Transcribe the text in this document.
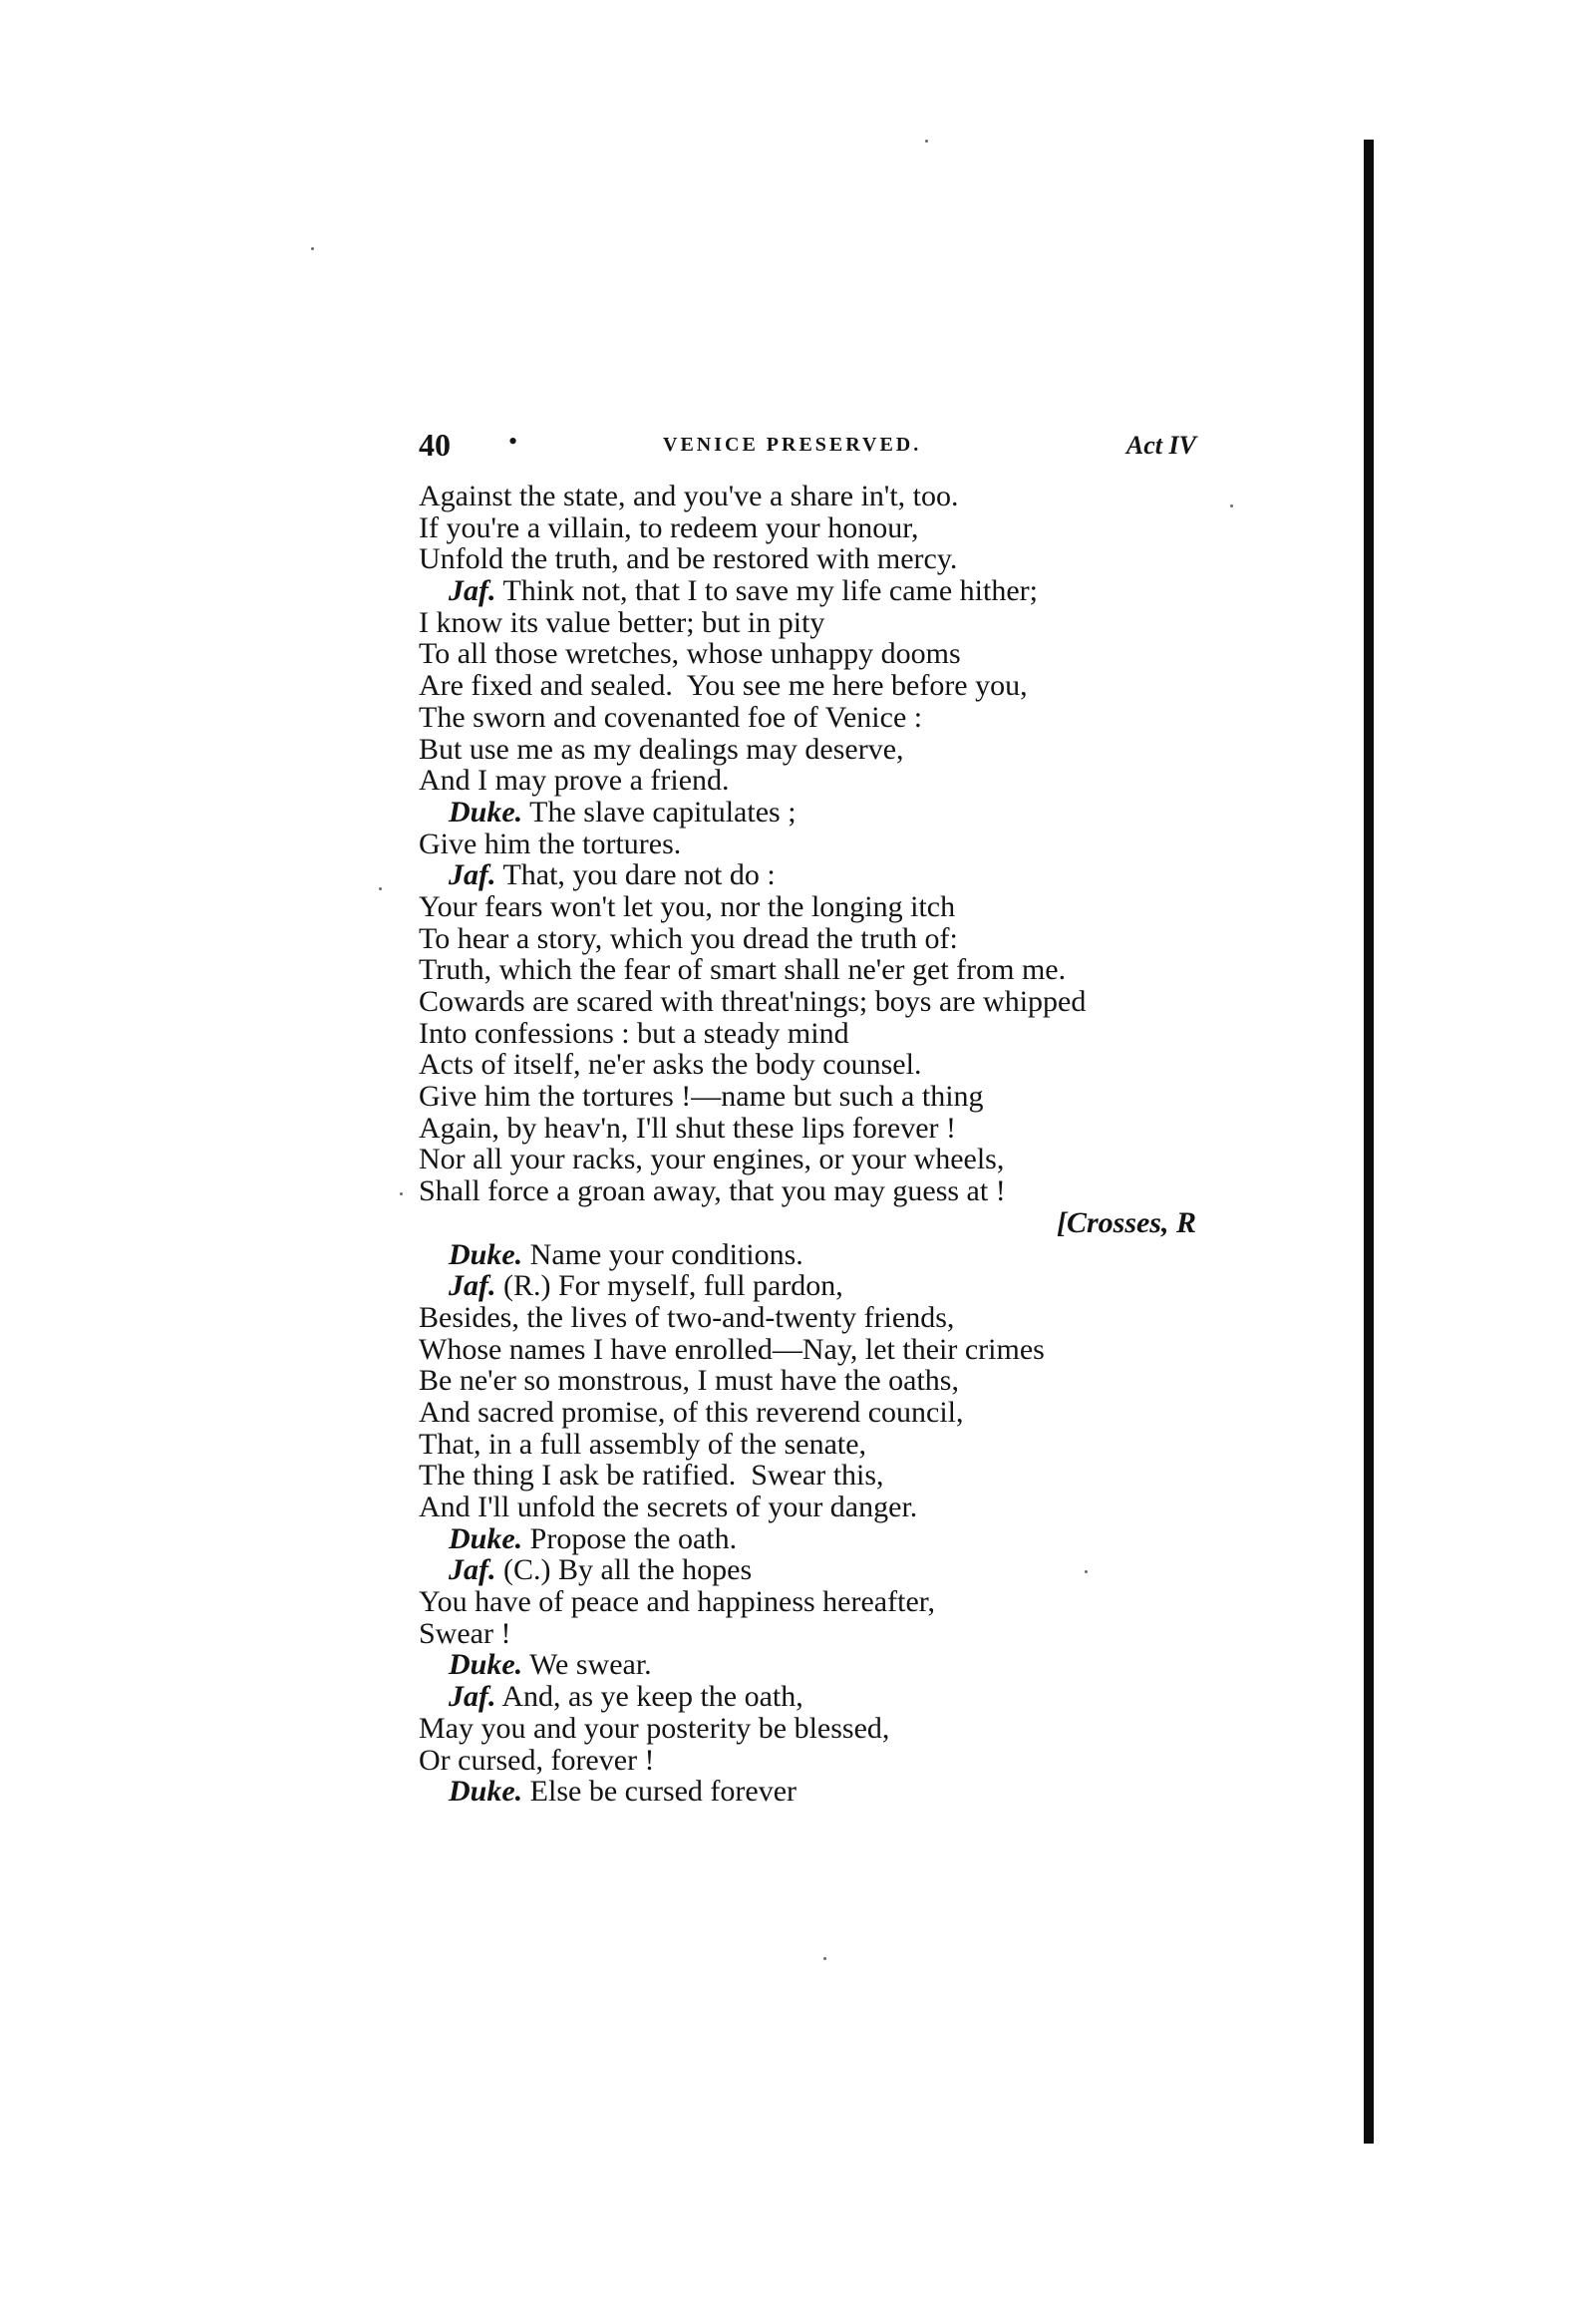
40 •	VENICE PRESERVED.	Act IV
Against the state, and you've a share in't, too.
If you're a villain, to redeem your honour,
Unfold the truth, and be restored with mercy.
Jaf. Think not, that I to save my life came hither;
I know its value better; but in pity
To all those wretches, whose unhappy dooms
Are fixed and sealed.  You see me here before you,
The sworn and covenanted foe of Venice :
But use me as my dealings may deserve,
And I may prove a friend.
Duke. The slave capitulates ;
Give him the tortures.
Jaf. That, you dare not do :
Your fears won't let you, nor the longing itch
To hear a story, which you dread the truth of:
Truth, which the fear of smart shall ne'er get from me.
Cowards are scared with threat'nings; boys are whipped
Into confessions : but a steady mind
Acts of itself, ne'er asks the body counsel.
Give him the tortures !—name but such a thing
Again, by heav'n, I'll shut these lips forever !
Nor all your racks, your engines, or your wheels,
Shall force a groan away, that you may guess at !
[Crosses, R
Duke. Name your conditions.
Jaf. (R.) For myself, full pardon,
Besides, the lives of two-and-twenty friends,
Whose names I have enrolled—Nay, let their crimes
Be ne'er so monstrous, I must have the oaths,
And sacred promise, of this reverend council,
That, in a full assembly of the senate,
The thing I ask be ratified.  Swear this,
And I'll unfold the secrets of your danger.
Duke. Propose the oath.
Jaf. (C.) By all the hopes
You have of peace and happiness hereafter,
Swear !
Duke. We swear.
Jaf. And, as ye keep the oath,
May you and your posterity be blessed,
Or cursed, forever !
Duke. Else be cursed forever
